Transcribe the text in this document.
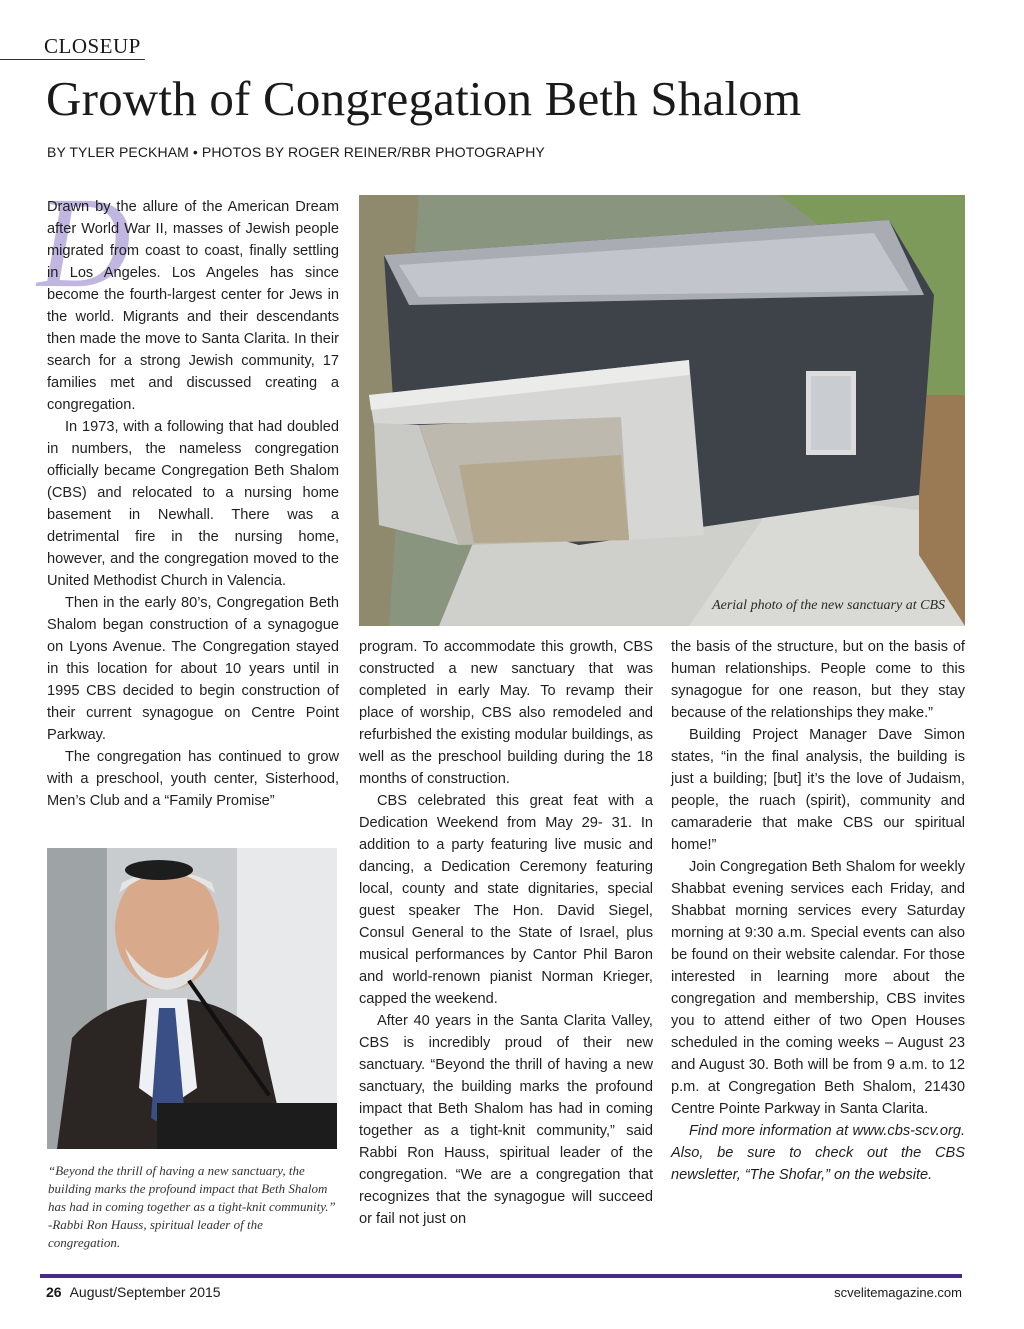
CLOSEUP
Growth of Congregation Beth Shalom
BY TYLER PECKHAM • PHOTOS BY ROGER REINER/RBR PHOTOGRAPHY
D

Drawn by the allure of the American Dream after World War II, masses of Jewish people migrated from coast to coast, finally settling in Los Angeles. Los Angeles has since become the fourth-largest center for Jews in the world. Migrants and their descendants then made the move to Santa Clarita. In their search for a strong Jewish community, 17 families met and discussed creating a congregation.

In 1973, with a following that had doubled in numbers, the nameless congregation officially became Congregation Beth Shalom (CBS) and relocated to a nursing home basement in Newhall. There was a detrimental fire in the nursing home, however, and the congregation moved to the United Methodist Church in Valencia.

Then in the early 80’s, Congregation Beth Shalom began construction of a synagogue on Lyons Avenue. The Congregation stayed in this location for about 10 years until in 1995 CBS decided to begin construction of their current synagogue on Centre Point Parkway.

The congregation has continued to grow with a preschool, youth center, Sisterhood, Men’s Club and a “Family Promise”

Aerial photo of the new sanctuary at CBS
“Beyond the thrill of having a new sanctuary, the building marks the profound impact that Beth Shalom has had in coming together as a tight-knit community.” -Rabbi Ron Hauss, spiritual leader of the congregation.

program. To accommodate this growth, CBS constructed a new sanctuary that was completed in early May. To revamp their place of worship, CBS also remodeled and refurbished the existing modular buildings, as well as the preschool building during the 18 months of construction.

CBS celebrated this great feat with a Dedication Weekend from May 29- 31. In addition to a party featuring live music and dancing, a Dedication Ceremony featuring local, county and state dignitaries, special guest speaker The Hon. David Siegel, Consul General to the State of Israel, plus musical performances by Cantor Phil Baron and world-renown pianist Norman Krieger, capped the weekend.

After 40 years in the Santa Clarita Valley, CBS is incredibly proud of their new sanctuary. “Beyond the thrill of having a new sanctuary, the building marks the profound impact that Beth Shalom has had in coming together as a tight-knit community,” said Rabbi Ron Hauss, spiritual leader of the congregation. “We are a congregation that recognizes that the synagogue will succeed or fail not just on

the basis of the structure, but on the basis of human relationships. People come to this synagogue for one reason, but they stay because of the relationships they make.”

Building Project Manager Dave Simon states, “in the final analysis, the building is just a building; [but] it’s the love of Judaism, people, the ruach (spirit), community and camaraderie that make CBS our spiritual home!”

Join Congregation Beth Shalom for weekly Shabbat evening services each Friday, and Shabbat morning services every Saturday morning at 9:30 a.m. Special events can also be found on their website calendar. For those interested in learning more about the congregation and membership, CBS invites you to attend either of two Open Houses scheduled in the coming weeks – August 23 and August 30. Both will be from 9 a.m. to 12 p.m. at Congregation Beth Shalom, 21430 Centre Pointe Parkway in Santa Clarita.

Find more information at www.cbs-scv.org. Also, be sure to check out the CBS newsletter, “The Shofar,” on the website.

26 August/September 2015	scvelitemagazine.com
